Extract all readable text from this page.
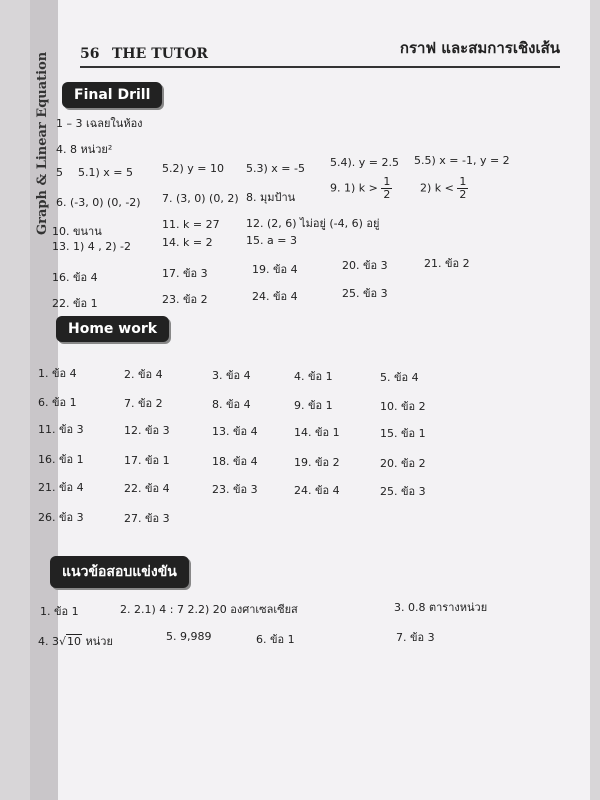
Graph & Linear Equation	56 THE TUTOR	กราฟ และสมการเชิงเส้น
Final Drill
1 – 3 เฉลยในห้อง
4. 8 หน่วย²
5 5.1) x = 5	5.2) y = 10 5.3) x = -5 5.4). y = 2.5 5.5) x = -1, y = 2
6. (-3, 0) (0, -2) 7. (3, 0) (0, 2) 8. มุมป้าน
9. 1) $k > \frac{1}{2}$	2) $k < \frac{1}{2}$
10. ขนาน
11. k = 27 12. (2, 6) ไม่อยู่ (-4, 6) อยู่
13. 1) 4 , 2) -2	14. k = 2	15. a = 3
16. ข้อ 4	17. ข้อ 3	19. ข้อ 4	20. ข้อ 3	21. ข้อ 2
22. ข้อ 1	23. ข้อ 2	24. ข้อ 4	25. ข้อ 3
Home work
1. ข้อ 4	2. ข้อ 4	3. ข้อ 4	4. ข้อ 1	5. ข้อ 4
6. ข้อ 1	7. ข้อ 2	8. ข้อ 4	9. ข้อ 1	10. ข้อ 2
11. ข้อ 3	12. ข้อ 3	13. ข้อ 4	14. ข้อ 1	15. ข้อ 1
16. ข้อ 1	17. ข้อ 1	18. ข้อ 4	19. ข้อ 2	20. ข้อ 2
21. ข้อ 4	22. ข้อ 4	23. ข้อ 3	24. ข้อ 4	25. ข้อ 3
26. ข้อ 3	27. ข้อ 3
แนวข้อสอบแข่งขัน
1. ข้อ 1	2. 2.1) 4 : 7 2.2) 20 องศาเซลเซียส	3. 0.8 ตารางหน่วย
4. 3√10 หน่วย	5. 9,989	6. ข้อ 1	7. ข้อ 3
